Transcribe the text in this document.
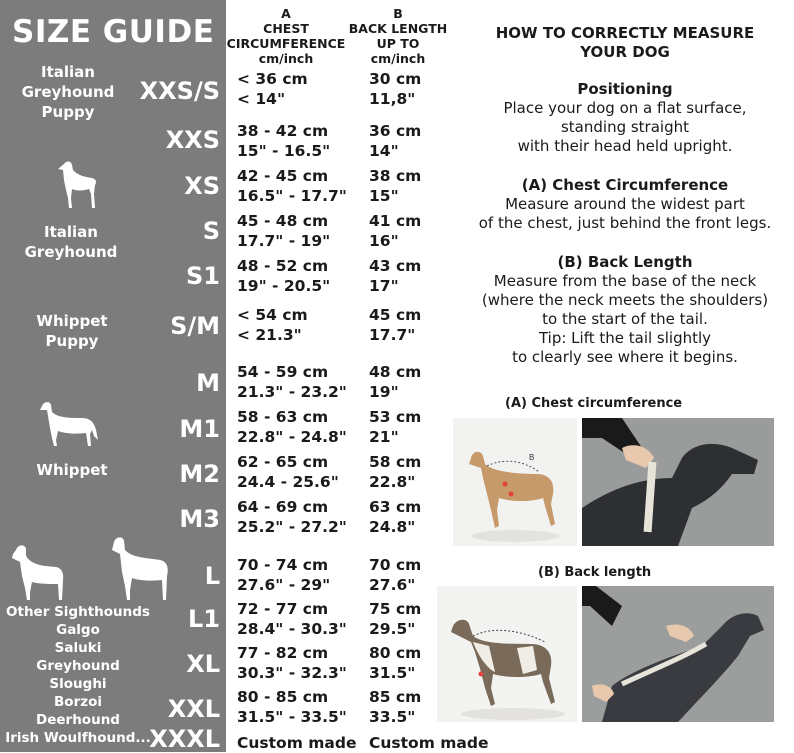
SIZE GUIDE
Italian
Greyhound
Puppy
Italian
Greyhound
Whippet
Puppy
Whippet
Other Sighthounds
Galgo
Saluki
Greyhound
Sloughi
Borzoi
Deerhound
Irish Woulfhound...
XXS/S
XXS
XS
S
S1
S/M
M
M1
M2
M3
L
L1
XL
XXL
XXXL
A
CHEST
CIRCUMFERENCE
cm/inch
B
BACK LENGTH
UP TO
cm/inch
< 36 cm
< 14"
30 cm
11,8"
38 - 42 cm
15" - 16.5"
36 cm
14"
42 - 45 cm
16.5" - 17.7"
38 cm
15"
45 - 48 cm
17.7" - 19"
41 cm
16"
48 - 52 cm
19" - 20.5"
43 cm
17"
< 54 cm
< 21.3"
45 cm
17.7"
54 - 59 cm
21.3" - 23.2"
48 cm
19"
58 - 63 cm
22.8" - 24.8"
53 cm
21"
62 - 65 cm
24.4 - 25.6"
58 cm
22.8"
64 - 69 cm
25.2" - 27.2"
63 cm
24.8"
70 - 74 cm
27.6" - 29"
70 cm
27.6"
72 - 77 cm
28.4" - 30.3"
75 cm
29.5"
77 - 82 cm
30.3" - 32.3"
80 cm
31.5"
80 - 85 cm
31.5" - 33.5"
85 cm
33.5"
Custom made Custom made
HOW TO CORRECTLY MEASURE
YOUR DOG
Positioning
Place your dog on a flat surface,
standing straight
with their head held upright.
(A) Chest Circumference
Measure around the widest part
of the chest, just behind the front legs.
(B) Back Length
Measure from the base of the neck
(where the neck meets the shoulders)
to the start of the tail.
Tip: Lift the tail slightly
to clearly see where it begins.
(A) Chest circumference
B
(B) Back length
